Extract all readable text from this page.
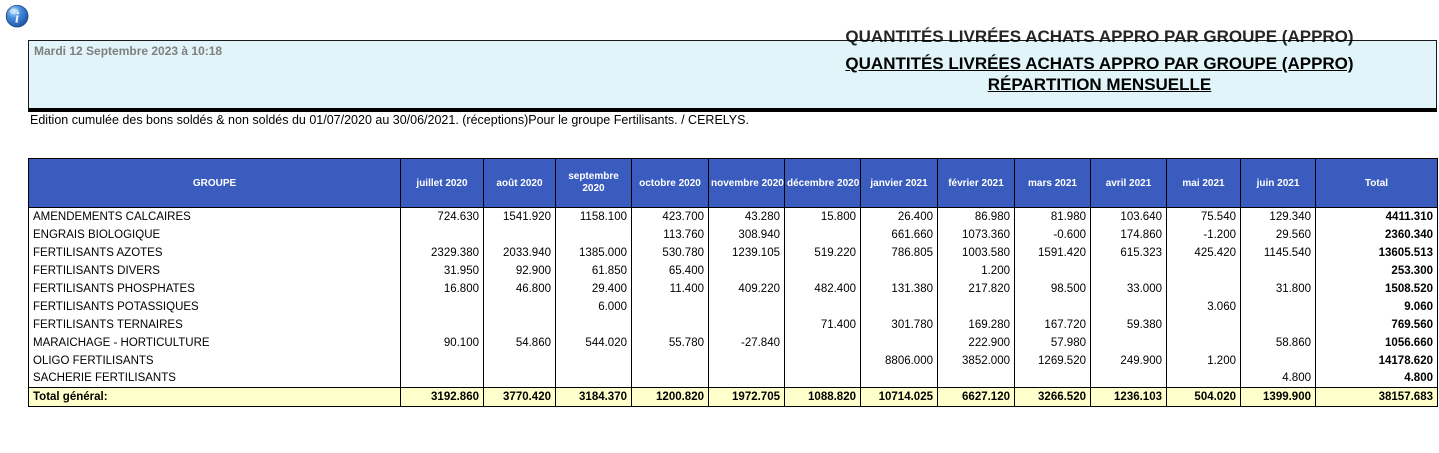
i
QUANTITÉS LIVRÉES ACHATS APPRO PAR GROUPE (APPRO)
Mardi 12 Septembre 2023 à 10:18
QUANTITÉS LIVRÉES ACHATS APPRO PAR GROUPE (APPRO)
RÉPARTITION MENSUELLE
Edition cumulée des bons soldés & non soldés du 01/07/2020 au 30/06/2021. (réceptions)Pour le groupe Fertilisants. / CERELYS.
GROUPE	juillet 2020	août 2020	septembre 2020	octobre 2020	novembre 2020	décembre 2020	janvier 2021	février 2021	mars 2021	avril 2021	mai 2021	juin 2021	Total
AMENDEMENTS CALCAIRES	724.630	1541.920	1158.100	423.700	43.280	15.800	26.400	86.980	81.980	103.640	75.540	129.340	4411.310
ENGRAIS BIOLOGIQUE				113.760	308.940		661.660	1073.360	-0.600	174.860	-1.200	29.560	2360.340
FERTILISANTS AZOTES	2329.380	2033.940	1385.000	530.780	1239.105	519.220	786.805	1003.580	1591.420	615.323	425.420	1145.540	13605.513
FERTILISANTS DIVERS	31.950	92.900	61.850	65.400				1.200					253.300
FERTILISANTS PHOSPHATES	16.800	46.800	29.400	11.400	409.220	482.400	131.380	217.820	98.500	33.000		31.800	1508.520
FERTILISANTS POTASSIQUES			6.000								3.060		9.060
FERTILISANTS TERNAIRES						71.400	301.780	169.280	167.720	59.380			769.560
MARAICHAGE - HORTICULTURE	90.100	54.860	544.020	55.780	-27.840			222.900	57.980			58.860	1056.660
OLIGO FERTILISANTS							8806.000	3852.000	1269.520	249.900	1.200		14178.620
SACHERIE FERTILISANTS												4.800	4.800
Total général:	3192.860	3770.420	3184.370	1200.820	1972.705	1088.820	10714.025	6627.120	3266.520	1236.103	504.020	1399.900	38157.683
